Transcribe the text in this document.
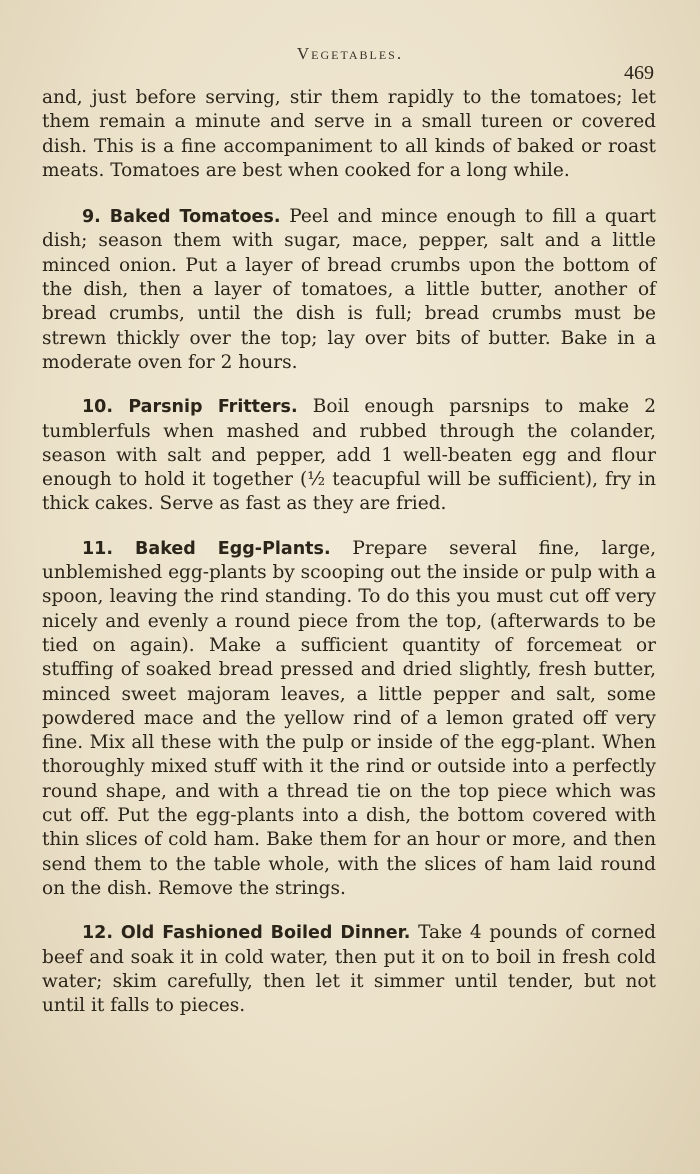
Vegetables.
469

and, just before serving, stir them rapidly to the tomatoes; let them remain a minute and serve in a small tureen or covered dish. This is a fine accompaniment to all kinds of baked or roast meats. Tomatoes are best when cooked for a long while.

9. Baked Tomatoes. Peel and mince enough to fill a quart dish; season them with sugar, mace, pepper, salt and a little minced onion. Put a layer of bread crumbs upon the bottom of the dish, then a layer of tomatoes, a little butter, another of bread crumbs, until the dish is full; bread crumbs must be strewn thickly over the top; lay over bits of butter. Bake in a moderate oven for 2 hours.

10. Parsnip Fritters. Boil enough parsnips to make 2 tumblerfuls when mashed and rubbed through the colander, season with salt and pepper, add 1 well-beaten egg and flour enough to hold it together (½ teacupful will be sufficient), fry in thick cakes. Serve as fast as they are fried.

11. Baked Egg-Plants. Prepare several fine, large, unblemished egg-plants by scooping out the inside or pulp with a spoon, leaving the rind standing. To do this you must cut off very nicely and evenly a round piece from the top, (afterwards to be tied on again). Make a sufficient quantity of forcemeat or stuffing of soaked bread pressed and dried slightly, fresh butter, minced sweet majoram leaves, a little pepper and salt, some powdered mace and the yellow rind of a lemon grated off very fine. Mix all these with the pulp or inside of the egg-plant. When thoroughly mixed stuff with it the rind or outside into a perfectly round shape, and with a thread tie on the top piece which was cut off. Put the egg-plants into a dish, the bottom covered with thin slices of cold ham. Bake them for an hour or more, and then send them to the table whole, with the slices of ham laid round on the dish. Remove the strings.

12. Old Fashioned Boiled Dinner. Take 4 pounds of corned beef and soak it in cold water, then put it on to boil in fresh cold water; skim carefully, then let it simmer until tender, but not until it falls to pieces.
